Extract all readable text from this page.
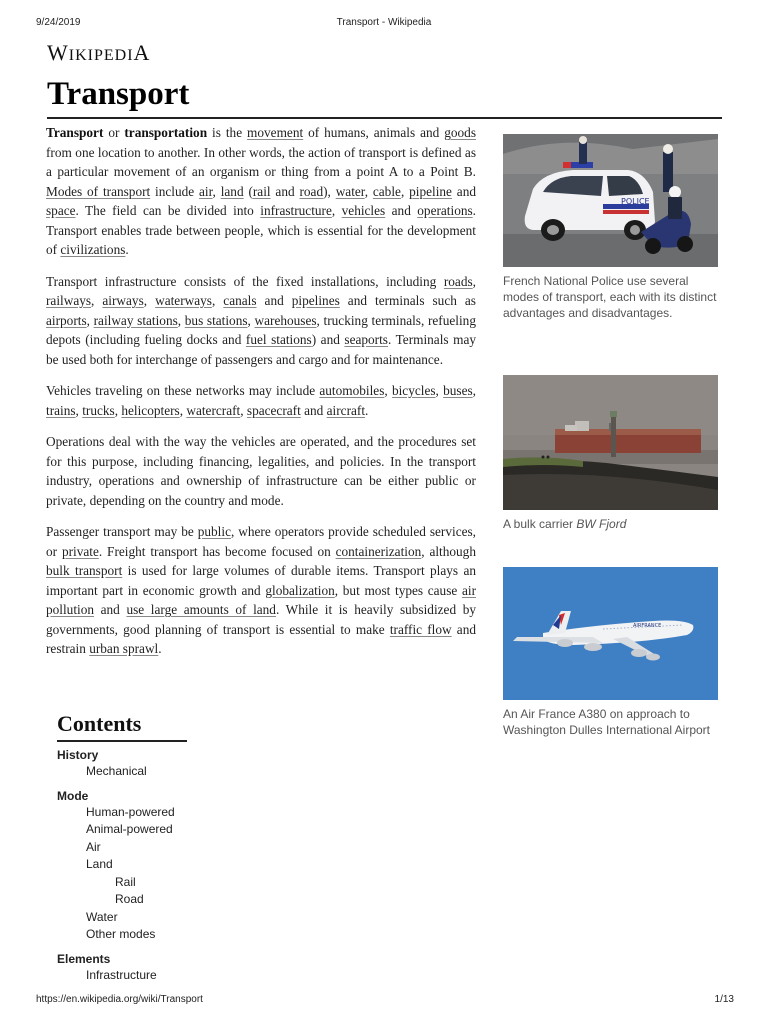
9/24/2019	Transport - Wikipedia
WIKIPEDIA
Transport

Transport or transportation is the movement of humans, animals and goods from one location to another. In other words, the action of transport is defined as a particular movement of an organism or thing from a point A to a Point B. Modes of transport include air, land (rail and road), water, cable, pipeline and space. The field can be divided into infrastructure, vehicles and operations. Transport enables trade between people, which is essential for the development of civilizations.

Transport infrastructure consists of the fixed installations, including roads, railways, airways, waterways, canals and pipelines and terminals such as airports, railway stations, bus stations, warehouses, trucking terminals, refueling depots (including fueling docks and fuel stations) and seaports. Terminals may be used both for interchange of passengers and cargo and for maintenance.

Vehicles traveling on these networks may include automobiles, bicycles, buses, trains, trucks, helicopters, watercraft, spacecraft and aircraft.

Operations deal with the way the vehicles are operated, and the procedures set for this purpose, including financing, legalities, and policies. In the transport industry, operations and ownership of infrastructure can be either public or private, depending on the country and mode.

Passenger transport may be public, where operators provide scheduled services, or private. Freight transport has become focused on containerization, although bulk transport is used for large volumes of durable items. Transport plays an important part in economic growth and globalization, but most types cause air pollution and use large amounts of land. While it is heavily subsidized by governments, good planning of transport is essential to make traffic flow and restrain urban sprawl.

POLICE
French National Police use several modes of transport, each with its distinct advantages and disadvantages.
A bulk carrier BW Fjord
AIRFRANCE
An Air France A380 on approach to Washington Dulles International Airport
Contents
History
Mechanical
Mode
Human-powered
Animal-powered
Air
Land
Rail
Road
Water
Other modes
Elements
Infrastructure
https://en.wikipedia.org/wiki/Transport	1/13
